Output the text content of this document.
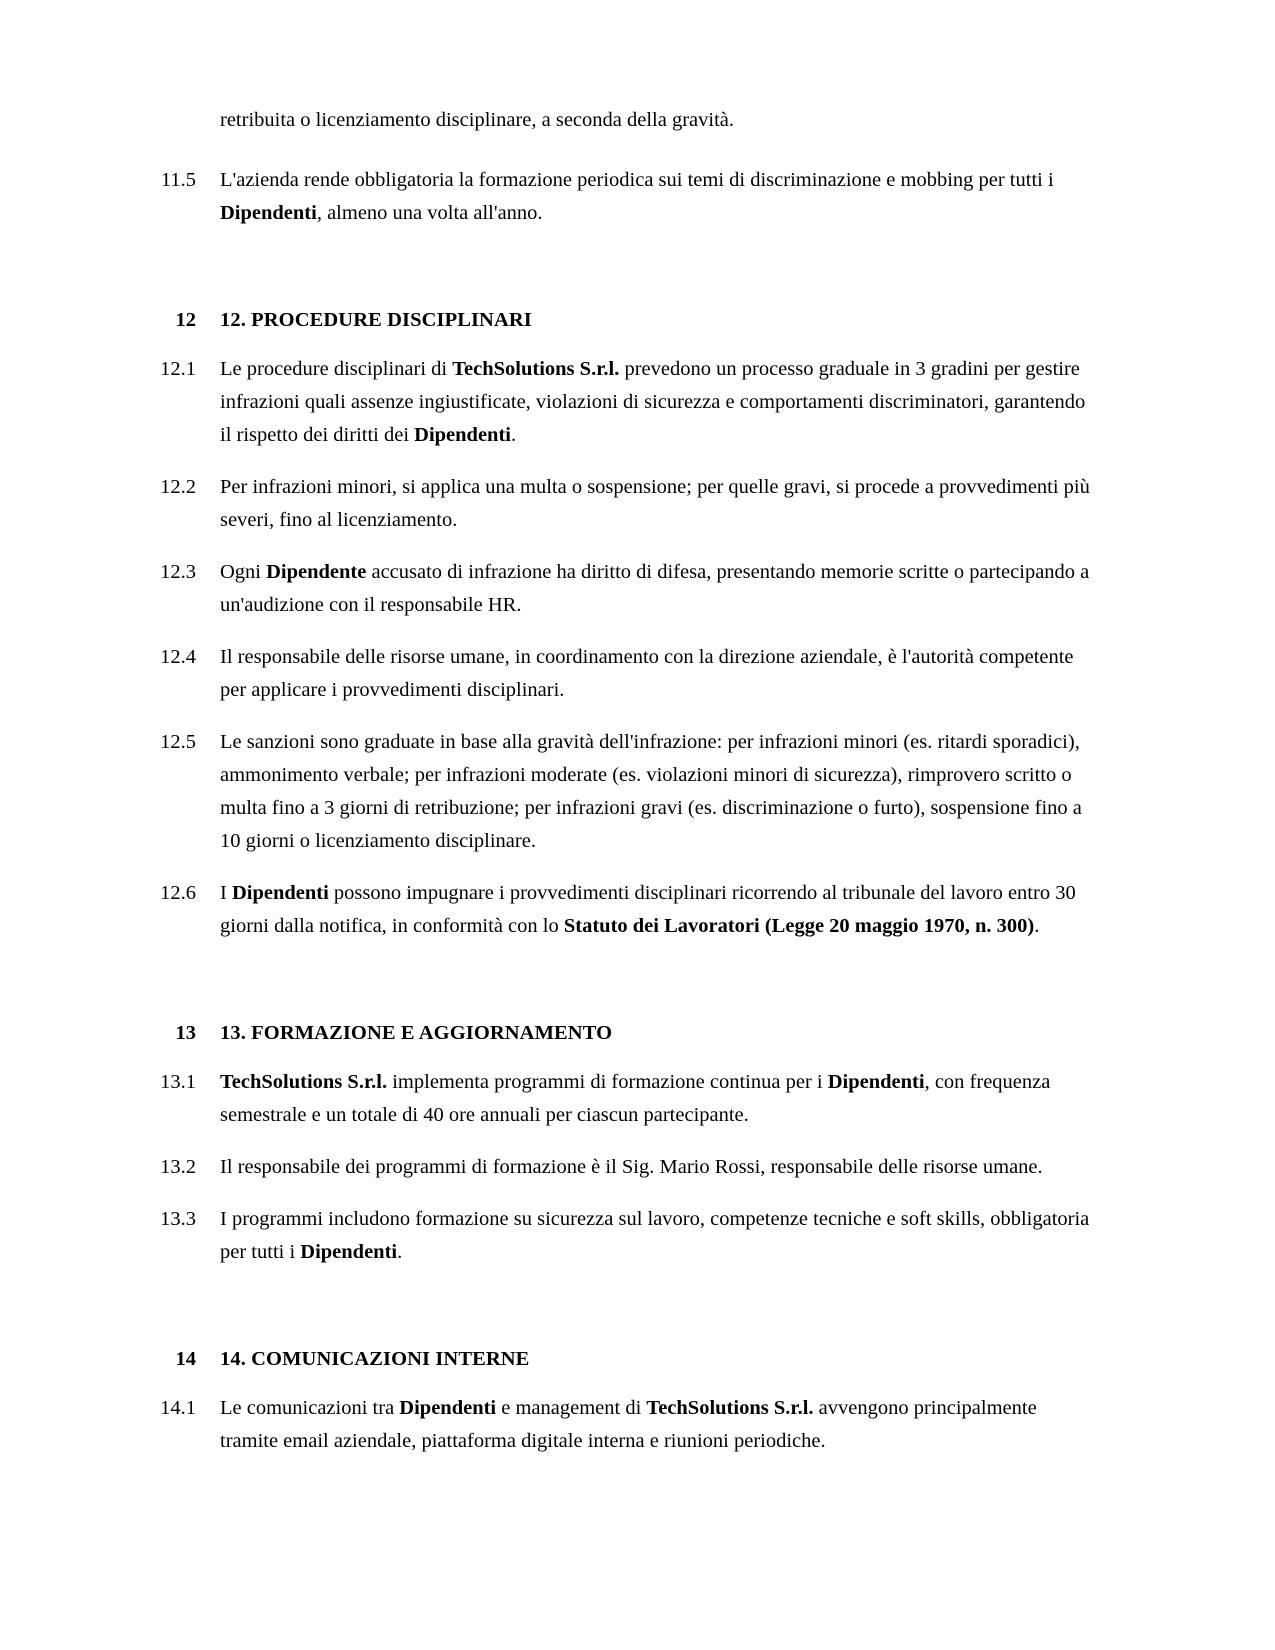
retribuita o licenziamento disciplinare, a seconda della gravità.
11.5	L'azienda rende obbligatoria la formazione periodica sui temi di discriminazione e mobbing per tutti i Dipendenti, almeno una volta all'anno.
12	12. PROCEDURE DISCIPLINARI
12.1	Le procedure disciplinari di TechSolutions S.r.l. prevedono un processo graduale in 3 gradini per gestire infrazioni quali assenze ingiustificate, violazioni di sicurezza e comportamenti discriminatori, garantendo il rispetto dei diritti dei Dipendenti.
12.2	Per infrazioni minori, si applica una multa o sospensione; per quelle gravi, si procede a provvedimenti più severi, fino al licenziamento.
12.3	Ogni Dipendente accusato di infrazione ha diritto di difesa, presentando memorie scritte o partecipando a un'audizione con il responsabile HR.
12.4	Il responsabile delle risorse umane, in coordinamento con la direzione aziendale, è l'autorità competente per applicare i provvedimenti disciplinari.
12.5	Le sanzioni sono graduate in base alla gravità dell'infrazione: per infrazioni minori (es. ritardi sporadici), ammonimento verbale; per infrazioni moderate (es. violazioni minori di sicurezza), rimprovero scritto o multa fino a 3 giorni di retribuzione; per infrazioni gravi (es. discriminazione o furto), sospensione fino a 10 giorni o licenziamento disciplinare.
12.6	I Dipendenti possono impugnare i provvedimenti disciplinari ricorrendo al tribunale del lavoro entro 30 giorni dalla notifica, in conformità con lo Statuto dei Lavoratori (Legge 20 maggio 1970, n. 300).
13	13. FORMAZIONE E AGGIORNAMENTO
13.1	TechSolutions S.r.l. implementa programmi di formazione continua per i Dipendenti, con frequenza semestrale e un totale di 40 ore annuali per ciascun partecipante.
13.2	Il responsabile dei programmi di formazione è il Sig. Mario Rossi, responsabile delle risorse umane.
13.3	I programmi includono formazione su sicurezza sul lavoro, competenze tecniche e soft skills, obbligatoria per tutti i Dipendenti.
14	14. COMUNICAZIONI INTERNE
14.1	Le comunicazioni tra Dipendenti e management di TechSolutions S.r.l. avvengono principalmente tramite email aziendale, piattaforma digitale interna e riunioni periodiche.
